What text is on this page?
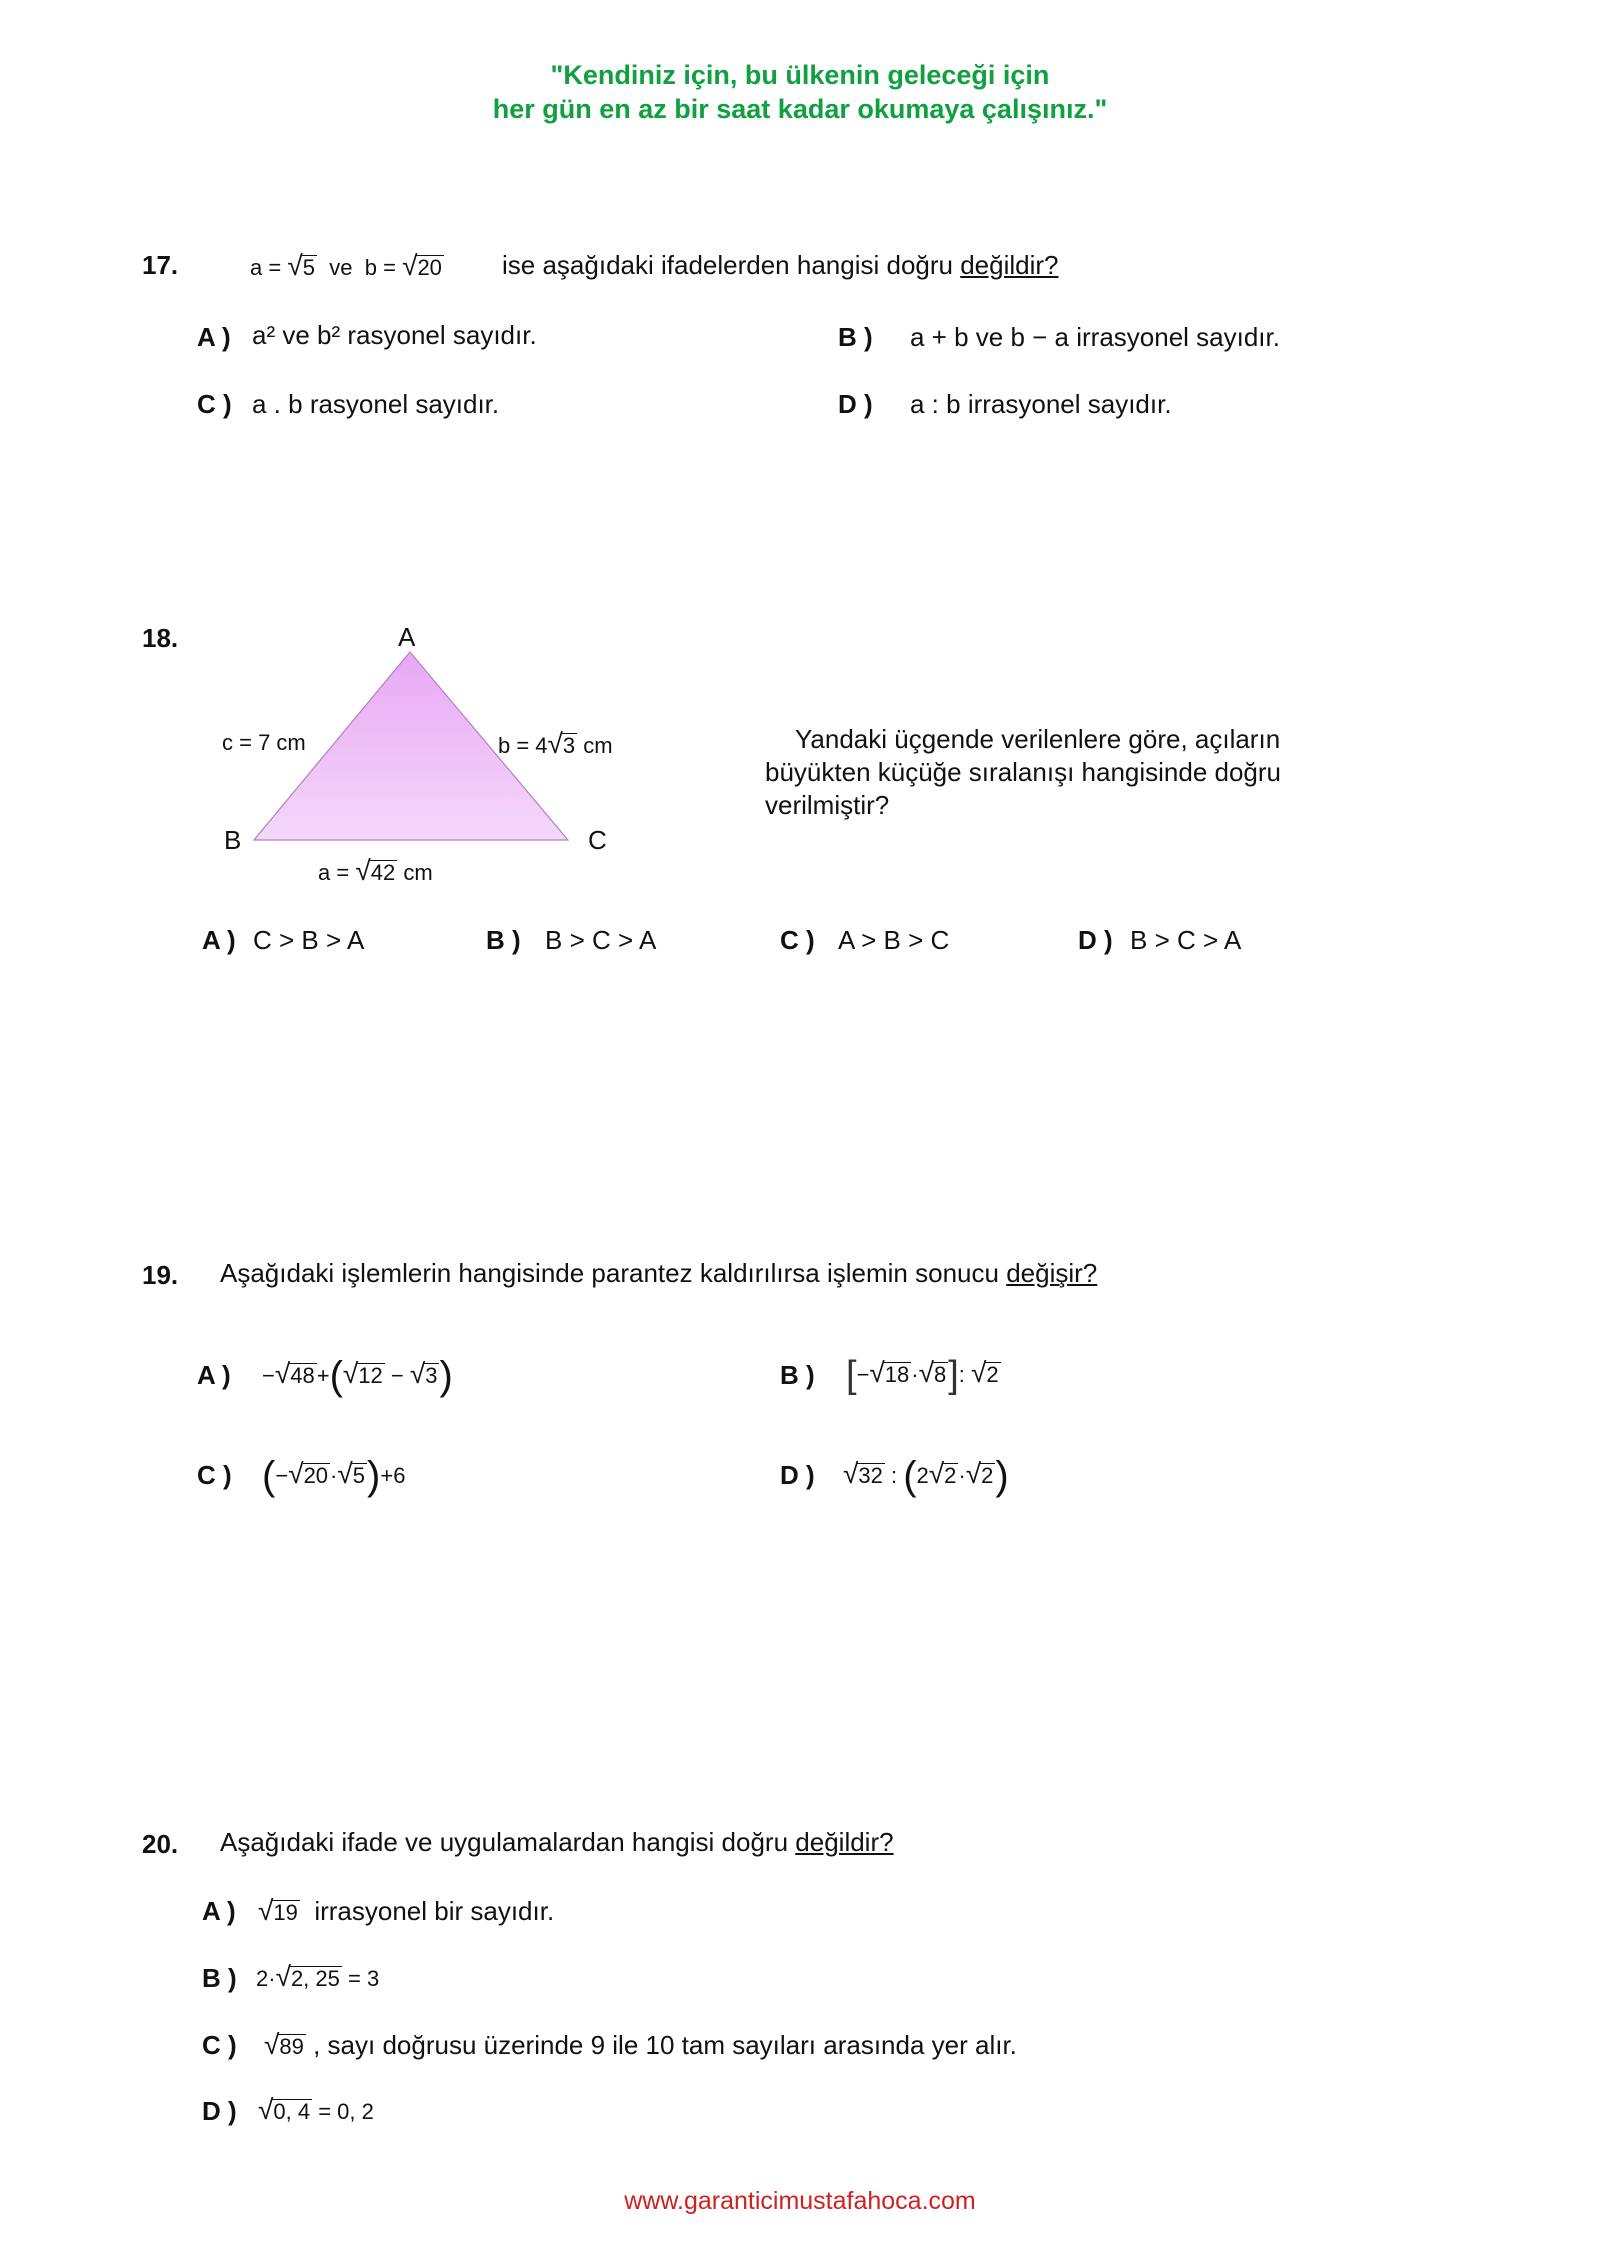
"Kendiniz için, bu ülkenin geleceği için
her gün en az bir saat kadar okumaya çalışınız."
17.	a = √5 ve b = √20 ise aşağıdaki ifadelerden hangisi doğru değildir?
A ) a² ve b² rasyonel sayıdır.	B ) a + b ve b − a irrasyonel sayıdır.
C ) a . b rasyonel sayıdır.	D ) a : b irrasyonel sayıdır.
18.	A
B	C
c = 7 cm	b = 4√3 cm
a = √42 cm
Yandaki üçgende verilenlere göre, açıların
büyükten küçüğe sıralanışı hangisinde doğru
verilmiştir?
A ) C > B > A	B ) B > C > A	C ) A > B > C	D ) B > C > A
19. Aşağıdaki işlemlerin hangisinde parantez kaldırılırsa işlemin sonucu değişir?
A ) −√48+(√12 − √3)	B ) [−√18·√8]: √2
C ) (−√20·√5)+6	D ) √32 : (2√2·√2)
20. Aşağıdaki ifade ve uygulamalardan hangisi doğru değildir?
A ) √19 irrasyonel bir sayıdır.
B ) 2·√2, 25 = 3
C ) √89 , sayı doğrusu üzerinde 9 ile 10 tam sayıları arasında yer alır.
D ) √0, 4 = 0, 2
www.garanticimustafahoca.com
